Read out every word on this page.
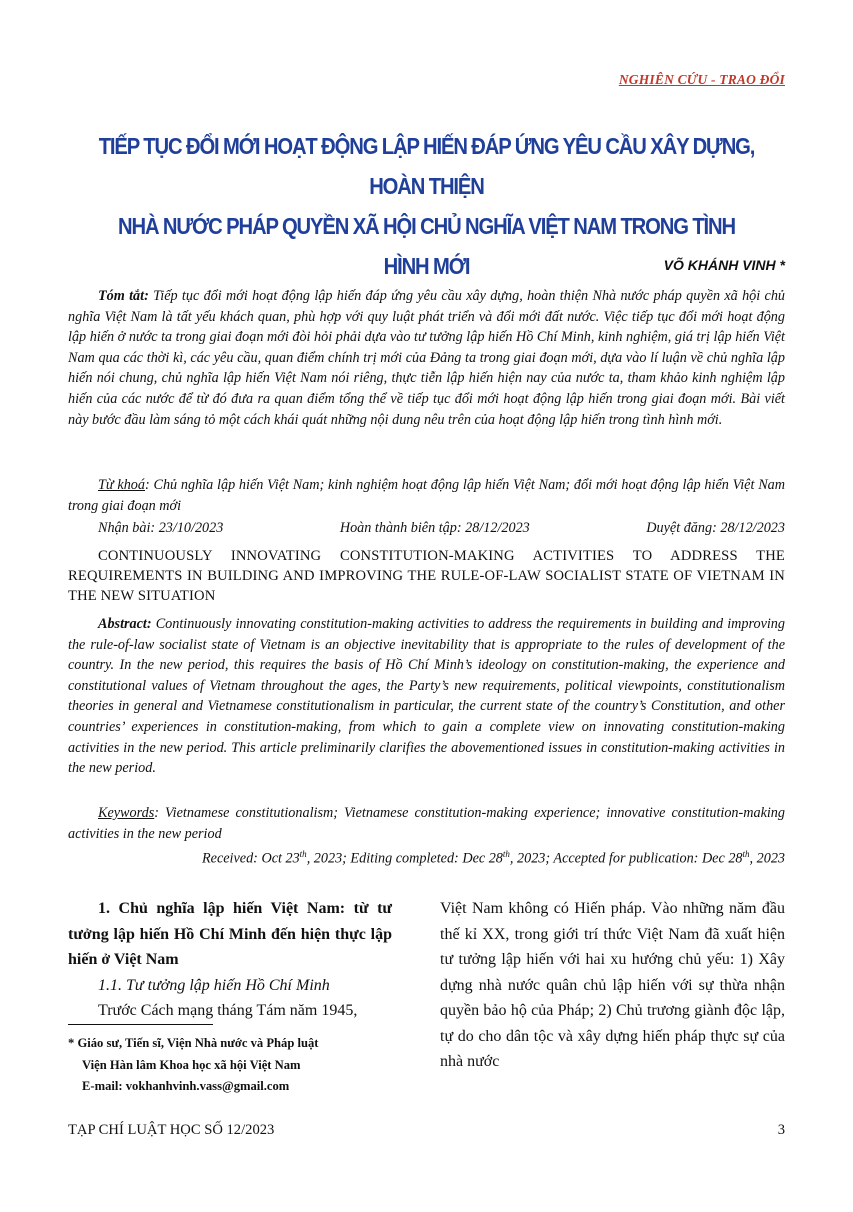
NGHIÊN CỨU - TRAO ĐỔI
TIẾP TỤC ĐỔI MỚI HOẠT ĐỘNG LẬP HIẾN ĐÁP ỨNG YÊU CẦU XÂY DỰNG, HOÀN THIỆN
NHÀ NƯỚC PHÁP QUYỀN XÃ HỘI CHỦ NGHĨA VIỆT NAM TRONG TÌNH HÌNH MỚI	VÕ KHÁNH VINH *
Tóm tắt: Tiếp tục đổi mới hoạt động lập hiến đáp ứng yêu cầu xây dựng, hoàn thiện Nhà nước pháp quyền xã hội chủ nghĩa Việt Nam là tất yếu khách quan, phù hợp với quy luật phát triển và đổi mới đất nước. Việc tiếp tục đổi mới hoạt động lập hiến ở nước ta trong giai đoạn mới đòi hỏi phải dựa vào tư tưởng lập hiến Hồ Chí Minh, kinh nghiệm, giá trị lập hiến Việt Nam qua các thời kì, các yêu cầu, quan điểm chính trị mới của Đảng ta trong giai đoạn mới, dựa vào lí luận về chủ nghĩa lập hiến nói chung, chủ nghĩa lập hiến Việt Nam nói riêng, thực tiễn lập hiến hiện nay của nước ta, tham khảo kinh nghiệm lập hiến của các nước để từ đó đưa ra quan điểm tổng thể về tiếp tục đổi mới hoạt động lập hiến trong giai đoạn mới. Bài viết này bước đầu làm sáng tỏ một cách khái quát những nội dung nêu trên của hoạt động lập hiến trong tình hình mới.
Từ khoá: Chủ nghĩa lập hiến Việt Nam; kinh nghiệm hoạt động lập hiến Việt Nam; đổi mới hoạt động lập hiến Việt Nam trong giai đoạn mới
Nhận bài: 23/10/2023	Hoàn thành biên tập: 28/12/2023	Duyệt đăng: 28/12/2023
CONTINUOUSLY INNOVATING CONSTITUTION-MAKING ACTIVITIES TO ADDRESS THE REQUIREMENTS IN BUILDING AND IMPROVING THE RULE-OF-LAW SOCIALIST STATE OF VIETNAM IN THE NEW SITUATION
Abstract: Continuously innovating constitution-making activities to address the requirements in building and improving the rule-of-law socialist state of Vietnam is an objective inevitability that is appropriate to the rules of development of the country. In the new period, this requires the basis of Hồ Chí Minh’s ideology on constitution-making, the experience and constitutional values of Vietnam throughout the ages, the Party’s new requirements, political viewpoints, constitutionalism theories in general and Vietnamese constitutionalism in particular, the current state of the country’s Constitution, and other countries’ experiences in constitution-making, from which to gain a complete view on innovating constitution-making activities in the new period. This article preliminarily clarifies the abovementioned issues in constitution-making activities in the new period.
Keywords: Vietnamese constitutionalism; Vietnamese constitution-making experience; innovative constitution-making activities in the new period
Received: Oct 23th, 2023; Editing completed: Dec 28th, 2023; Accepted for publication: Dec 28th, 2023
1. Chủ nghĩa lập hiến Việt Nam: từ tư tưởng lập hiến Hồ Chí Minh đến hiện thực lập hiến ở Việt Nam
1.1. Tư tưởng lập hiến Hồ Chí Minh
Trước Cách mạng tháng Tám năm 1945,
Việt Nam không có Hiến pháp. Vào những năm đầu thế kỉ XX, trong giới trí thức Việt Nam đã xuất hiện tư tưởng lập hiến với hai xu hướng chủ yếu: 1) Xây dựng nhà nước quân chủ lập hiến với sự thừa nhận quyền bảo hộ của Pháp; 2) Chủ trương giành độc lập, tự do cho dân tộc và xây dựng hiến pháp thực sự của nhà nước
* Giáo sư, Tiến sĩ, Viện Nhà nước và Pháp luật
Viện Hàn lâm Khoa học xã hội Việt Nam
E-mail: vokhanhvinh.vass@gmail.com
TẠP CHÍ LUẬT HỌC SỐ 12/2023	3
